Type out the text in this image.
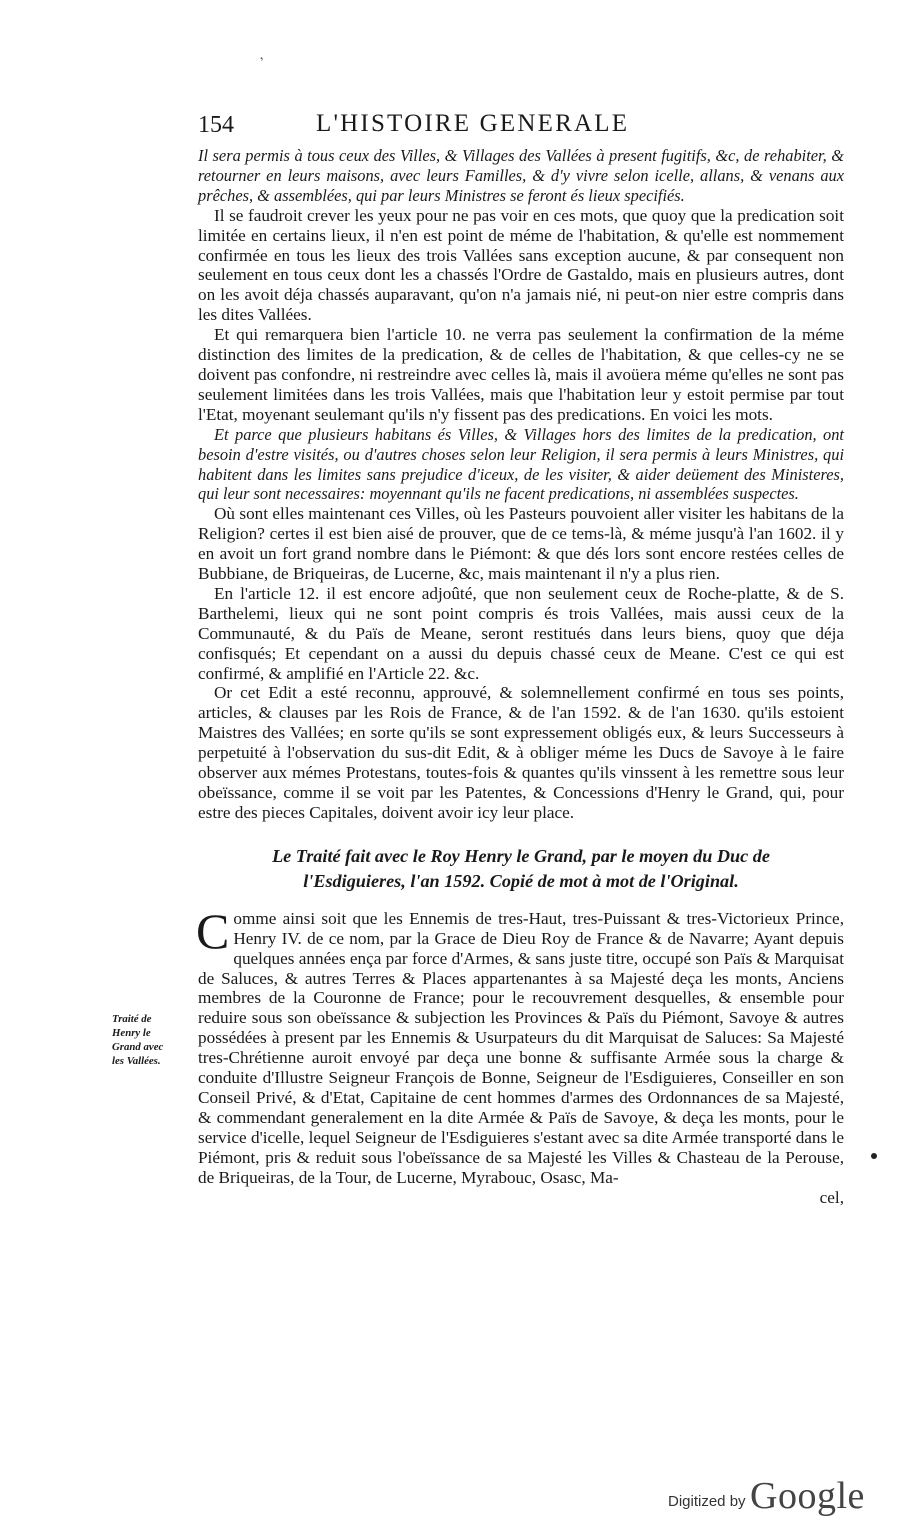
‚
154	L'HISTOIRE GENERALE
Traité de
Henry le
Grand avec
les Vallées.

Il sera permis à tous ceux des Villes, & Villages des Vallées à present fugitifs, &c, de rehabiter, & retourner en leurs maisons, avec leurs Familles, & d'y vivre selon icelle, allans, & venans aux prêches, & assemblées, qui par leurs Ministres se feront és lieux specifiés.

Il se faudroit crever les yeux pour ne pas voir en ces mots, que quoy que la predication soit limitée en certains lieux, il n'en est point de méme de l'habitation, & qu'elle est nommement confirmée en tous les lieux des trois Vallées sans exception aucune, & par consequent non seulement en tous ceux dont les a chassés l'Ordre de Gastaldo, mais en plusieurs autres, dont on les avoit déja chassés auparavant, qu'on n'a jamais nié, ni peut-on nier estre compris dans les dites Vallées.

Et qui remarquera bien l'article 10. ne verra pas seulement la confirmation de la méme distinction des limites de la predication, & de celles de l'habitation, & que celles-cy ne se doivent pas confondre, ni restreindre avec celles là, mais il avoüera méme qu'elles ne sont pas seulement limitées dans les trois Vallées, mais que l'habitation leur y estoit permise par tout l'Etat, moyenant seulemant qu'ils n'y fissent pas des predications. En voici les mots.

Et parce que plusieurs habitans és Villes, & Villages hors des limites de la predication, ont besoin d'estre visités, ou d'autres choses selon leur Religion, il sera permis à leurs Ministres, qui habitent dans les limites sans prejudice d'iceux, de les visiter, & aider deüement des Ministeres, qui leur sont necessaires: moyennant qu'ils ne facent predications, ni assemblées suspectes.

Où sont elles maintenant ces Villes, où les Pasteurs pouvoient aller visiter les habitans de la Religion? certes il est bien aisé de prouver, que de ce tems-là, & méme jusqu'à l'an 1602. il y en avoit un fort grand nombre dans le Piémont: & que dés lors sont encore restées celles de Bubbiane, de Briqueiras, de Lucerne, &c, mais maintenant il n'y a plus rien.

En l'article 12. il est encore adjoûté, que non seulement ceux de Roche-platte, & de S. Barthelemi, lieux qui ne sont point compris és trois Vallées, mais aussi ceux de la Communauté, & du Païs de Meane, seront restitués dans leurs biens, quoy que déja confisqués; Et cependant on a aussi du depuis chassé ceux de Meane. C'est ce qui est confirmé, & amplifié en l'Article 22. &c.

Or cet Edit a esté reconnu, approuvé, & solemnellement confirmé en tous ses points, articles, & clauses par les Rois de France, & de l'an 1592. & de l'an 1630. qu'ils estoient Maistres des Vallées; en sorte qu'ils se sont expressement obligés eux, & leurs Successeurs à perpetuité à l'observation du sus-dit Edit, & à obliger méme les Ducs de Savoye à le faire observer aux mémes Protestans, toutes-fois & quantes qu'ils vinssent à les remettre sous leur obeïssance, comme il se voit par les Patentes, & Concessions d'Henry le Grand, qui, pour estre des pieces Capitales, doivent avoir icy leur place.

Le Traité fait avec le Roy Henry le Grand, par le moyen du Duc de
l'Esdiguieres, l'an 1592. Copié de mot à mot de l'Original.

Comme ainsi soit que les Ennemis de tres-Haut, tres-Puissant & tres-Victorieux Prince, Henry IV. de ce nom, par la Grace de Dieu Roy de France & de Navarre; Ayant depuis quelques années ença par force d'Armes, & sans juste titre, occupé son Païs & Marquisat de Saluces, & autres Terres & Places appartenantes à sa Majesté deça les monts, Anciens membres de la Couronne de France; pour le recouvrement desquelles, & ensemble pour reduire sous son obeïssance & subjection les Provinces & Païs du Piémont, Savoye & autres possédées à present par les Ennemis & Usurpateurs du dit Marquisat de Saluces: Sa Majesté tres-Chrétienne auroit envoyé par deça une bonne & suffisante Armée sous la charge & conduite d'Illustre Seigneur François de Bonne, Seigneur de l'Esdiguieres, Conseiller en son Conseil Privé, & d'Etat, Capitaine de cent hommes d'armes des Ordonnances de sa Majesté, & commendant generalement en la dite Armée & Païs de Savoye, & deça les monts, pour le service d'icelle, lequel Seigneur de l'Esdiguieres s'estant avec sa dite Armée transporté dans le Piémont, pris & reduit sous l'obeïssance de sa Majesté les Villes & Chasteau de la Perouse, de Briqueiras, de la Tour, de Lucerne, Myrabouc, Osasc, Ma-

cel,

Digitized by Google
